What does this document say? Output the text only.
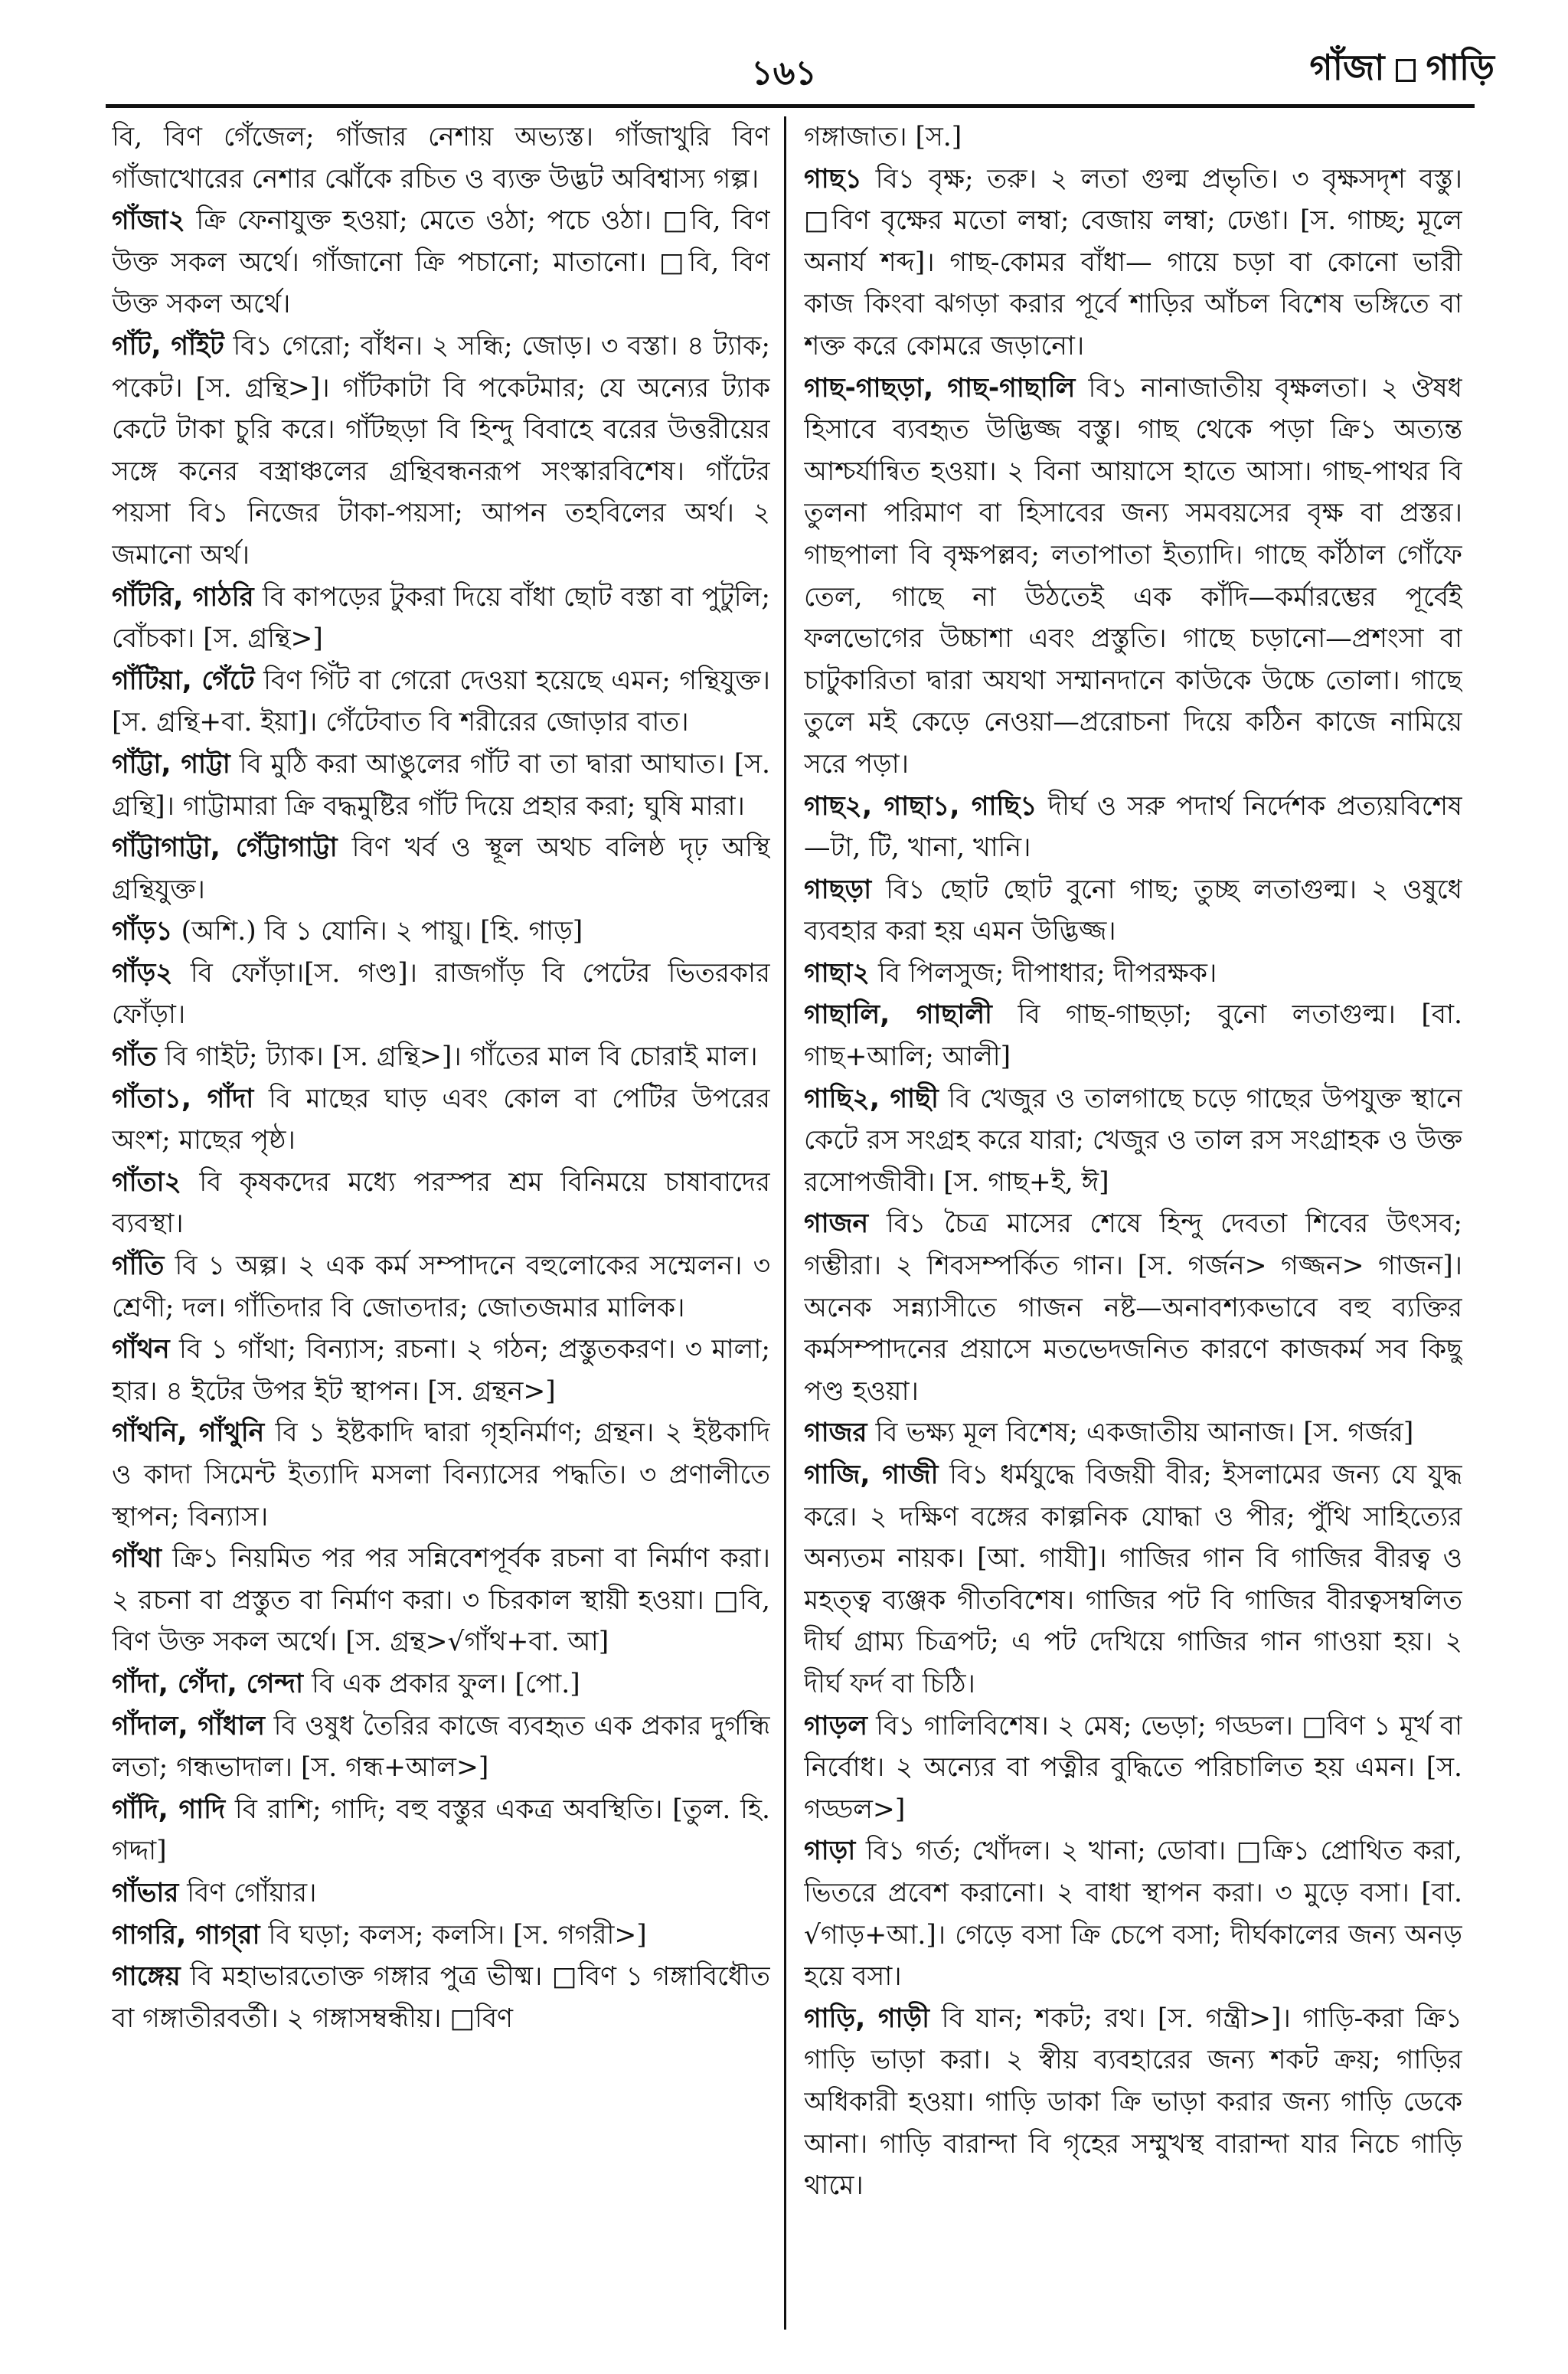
১৬১	গাঁজা গাড়ি

বি, বিণ গেঁজেল; গাঁজার নেশায় অভ্যস্ত। গাঁজাখুরি বিণ গাঁজাখোরের নেশার ঝোঁকে রচিত ও ব্যক্ত উদ্ভট অবিশ্বাস্য গল্প।

গাঁজা২ ক্রি ফেনাযুক্ত হওয়া; মেতে ওঠা; পচে ওঠা। □বি, বিণ উক্ত সকল অর্থে। গাঁজানো ক্রি পচানো; মাতানো। □বি, বিণ উক্ত সকল অর্থে।

গাঁট, গাঁইট বি১ গেরো; বাঁধন। ২ সন্ধি; জোড়। ৩ বস্তা। ৪ ট্যাক; পকেট। [স. গ্রন্থি>]। গাঁটকাটা বি পকেটমার; যে অন্যের ট্যাক কেটে টাকা চুরি করে। গাঁটছড়া বি হিন্দু বিবাহে বরের উত্তরীয়ের সঙ্গে কনের বস্ত্রাঞ্চলের গ্রন্থিবন্ধনরূপ সংস্কারবিশেষ। গাঁটের পয়সা বি১ নিজের টাকা-পয়সা; আপন তহবিলের অর্থ। ২ জমানো অর্থ।

গাঁটরি, গাঠরি বি কাপড়ের টুকরা দিয়ে বাঁধা ছোট বস্তা বা পুটুলি; বোঁচকা। [স. গ্রন্থি>]

গাঁটিয়া, গেঁটে বিণ গিঁট বা গেরো দেওয়া হয়েছে এমন; গন্থিযুক্ত। [স. গ্রন্থি+বা. ইয়া]। গেঁটেবাত বি শরীরের জোড়ার বাত।

গাঁট্টা, গাট্টা বি মুঠি করা আঙুলের গাঁট বা তা দ্বারা আঘাত। [স. গ্রন্থি]। গাট্টামারা ক্রি বদ্ধমুষ্টির গাঁট দিয়ে প্রহার করা; ঘুষি মারা।

গাঁট্টাগাট্টা, গেঁট্টাগাট্টা বিণ খর্ব ও স্থূল অথচ বলিষ্ঠ দৃঢ় অস্থি গ্রন্থিযুক্ত।

গাঁড়১ (অশি.) বি ১ যোনি। ২ পায়ু। [হি. গাড়]

গাঁড়২ বি ফোঁড়া।[স. গণ্ড]। রাজগাঁড় বি পেটের ভিতরকার ফোঁড়া।

গাঁত বি গাইট; ট্যাক। [স. গ্রন্থি>]। গাঁতের মাল বি চোরাই মাল।

গাঁতা১, গাঁদা বি মাছের ঘাড় এবং কোল বা পেটির উপরের অংশ; মাছের পৃষ্ঠ।

গাঁতা২ বি কৃষকদের মধ্যে পরস্পর শ্রম বিনিময়ে চাষাবাদের ব্যবস্থা।

গাঁতি বি ১ অল্প। ২ এক কর্ম সম্পাদনে বহুলোকের সম্মেলন। ৩ শ্রেণী; দল। গাঁতিদার বি জোতদার; জোতজমার মালিক।

গাঁথন বি ১ গাঁথা; বিন্যাস; রচনা। ২ গঠন; প্রস্তুতকরণ। ৩ মালা; হার। ৪ ইটের উপর ইট স্থাপন। [স. গ্রন্থন>]

গাঁথনি, গাঁথুনি বি ১ ইষ্টকাদি দ্বারা গৃহনির্মাণ; গ্রন্থন। ২ ইষ্টকাদি ও কাদা সিমেন্ট ইত্যাদি মসলা বিন্যাসের পদ্ধতি। ৩ প্রণালীতে স্থাপন; বিন্যাস।

গাঁথা ক্রি১ নিয়মিত পর পর সন্নিবেশপূর্বক রচনা বা নির্মাণ করা। ২ রচনা বা প্রস্তুত বা নির্মাণ করা। ৩ চিরকাল স্থায়ী হওয়া। □বি, বিণ উক্ত সকল অর্থে। [স. গ্রন্থ>√গাঁথ+বা. আ]

গাঁদা, গেঁদা, গেন্দা বি এক প্রকার ফুল। [পো.]

গাঁদাল, গাঁধাল বি ওষুধ তৈরির কাজে ব্যবহৃত এক প্রকার দুর্গন্ধি লতা; গন্ধভাদাল। [স. গন্ধ+আল>]

গাঁদি, গাদি বি রাশি; গাদি; বহু বস্তুর একত্র অবস্থিতি। [তুল. হি. গদ্দা]

গাঁভার বিণ গোঁয়ার।

গাগরি, গাগ্‌রা বি ঘড়া; কলস; কলসি। [স. গগরী>]

গাঙ্গেয় বি মহাভারতোক্ত গঙ্গার পুত্র ভীষ্ম। □বিণ ১ গঙ্গাবিধৌত বা গঙ্গাতীরবর্তী। ২ গঙ্গাসম্বন্ধীয়। □বিণ

গঙ্গাজাত। [স.]

গাছ১ বি১ বৃক্ষ; তরু। ২ লতা গুল্ম প্রভৃতি। ৩ বৃক্ষসদৃশ বস্তু। □বিণ বৃক্ষের মতো লম্বা; বেজায় লম্বা; ঢেঙা। [স. গাচ্ছ; মূলে অনার্য শব্দ]। গাছ-কোমর বাঁধা— গায়ে চড়া বা কোনো ভারী কাজ কিংবা ঝগড়া করার পূর্বে শাড়ির আঁচল বিশেষ ভঙ্গিতে বা শক্ত করে কোমরে জড়ানো।

গাছ-গাছড়া, গাছ-গাছালি বি১ নানাজাতীয় বৃক্ষলতা। ২ ঔষধ হিসাবে ব্যবহৃত উদ্ভিজ্জ বস্তু। গাছ থেকে পড়া ক্রি১ অত্যন্ত আশ্চর্যান্বিত হওয়া। ২ বিনা আয়াসে হাতে আসা। গাছ-পাথর বি তুলনা পরিমাণ বা হিসাবের জন্য সমবয়সের বৃক্ষ বা প্রস্তর। গাছপালা বি বৃক্ষপল্লব; লতাপাতা ইত্যাদি। গাছে কাঁঠাল গোঁফে তেল, গাছে না উঠতেই এক কাঁদি—কর্মারম্ভের পূর্বেই ফলভোগের উচ্চাশা এবং প্রস্তুতি। গাছে চড়ানো—প্রশংসা বা চাটুকারিতা দ্বারা অযথা সম্মানদানে কাউকে উচ্চে তোলা। গাছে তুলে মই কেড়ে নেওয়া—প্ররোচনা দিয়ে কঠিন কাজে নামিয়ে সরে পড়া।

গাছ২, গাছা১, গাছি১ দীর্ঘ ও সরু পদার্থ নির্দেশক প্রত্যয়বিশেষ—টা, টি, খানা, খানি।

গাছড়া বি১ ছোট ছোট বুনো গাছ; তুচ্ছ লতাগুল্ম। ২ ওষুধে ব্যবহার করা হয় এমন উদ্ভিজ্জ।

গাছা২ বি পিলসুজ; দীপাধার; দীপরক্ষক।

গাছালি, গাছালী বি গাছ-গাছড়া; বুনো লতাগুল্ম। [বা. গাছ+আলি; আলী]

গাছি২, গাছী বি খেজুর ও তালগাছে চড়ে গাছের উপযুক্ত স্থানে কেটে রস সংগ্রহ করে যারা; খেজুর ও তাল রস সংগ্রাহক ও উক্ত রসোপজীবী। [স. গাছ+ই, ঈ]

গাজন বি১ চৈত্র মাসের শেষে হিন্দু দেবতা শিবের উৎসব; গম্ভীরা। ২ শিবসম্পর্কিত গান। [স. গর্জন> গজ্জন> গাজন]। অনেক সন্ন্যাসীতে গাজন নষ্ট—অনাবশ্যকভাবে বহু ব্যক্তির কর্মসম্পাদনের প্রয়াসে মতভেদজনিত কারণে কাজকর্ম সব কিছু পণ্ড হওয়া।

গাজর বি ভক্ষ্য মূল বিশেষ; একজাতীয় আনাজ। [স. গর্জর]

গাজি, গাজী বি১ ধর্মযুদ্ধে বিজয়ী বীর; ইসলামের জন্য যে যুদ্ধ করে। ২ দক্ষিণ বঙ্গের কাল্পনিক যোদ্ধা ও পীর; পুঁথি সাহিত্যের অন্যতম নায়ক। [আ. গাযী]। গাজির গান বি গাজির বীরত্ব ও মহত্ত্ব ব্যঞ্জক গীতবিশেষ। গাজির পট বি গাজির বীরত্বসম্বলিত দীর্ঘ গ্রাম্য চিত্রপট; এ পট দেখিয়ে গাজির গান গাওয়া হয়। ২ দীর্ঘ ফর্দ বা চিঠি।

গাড়ল বি১ গালিবিশেষ। ২ মেষ; ভেড়া; গড্ডল। □বিণ ১ মূর্খ বা নির্বোধ। ২ অন্যের বা পত্নীর বুদ্ধিতে পরিচালিত হয় এমন। [স. গড্ডল>]

গাড়া বি১ গর্ত; খোঁদল। ২ খানা; ডোবা। □ক্রি১ প্রোথিত করা, ভিতরে প্রবেশ করানো। ২ বাধা স্থাপন করা। ৩ মুড়ে বসা। [বা. √গাড়+আ.]। গেড়ে বসা ক্রি চেপে বসা; দীর্ঘকালের জন্য অনড় হয়ে বসা।

গাড়ি, গাড়ী বি যান; শকট; রথ। [স. গন্ত্রী>]। গাড়ি-করা ক্রি১ গাড়ি ভাড়া করা। ২ স্বীয় ব্যবহারের জন্য শকট ক্রয়; গাড়ির অধিকারী হওয়া। গাড়ি ডাকা ক্রি ভাড়া করার জন্য গাড়ি ডেকে আনা। গাড়ি বারান্দা বি গৃহের সম্মুখস্থ বারান্দা যার নিচে গাড়ি থামে।
